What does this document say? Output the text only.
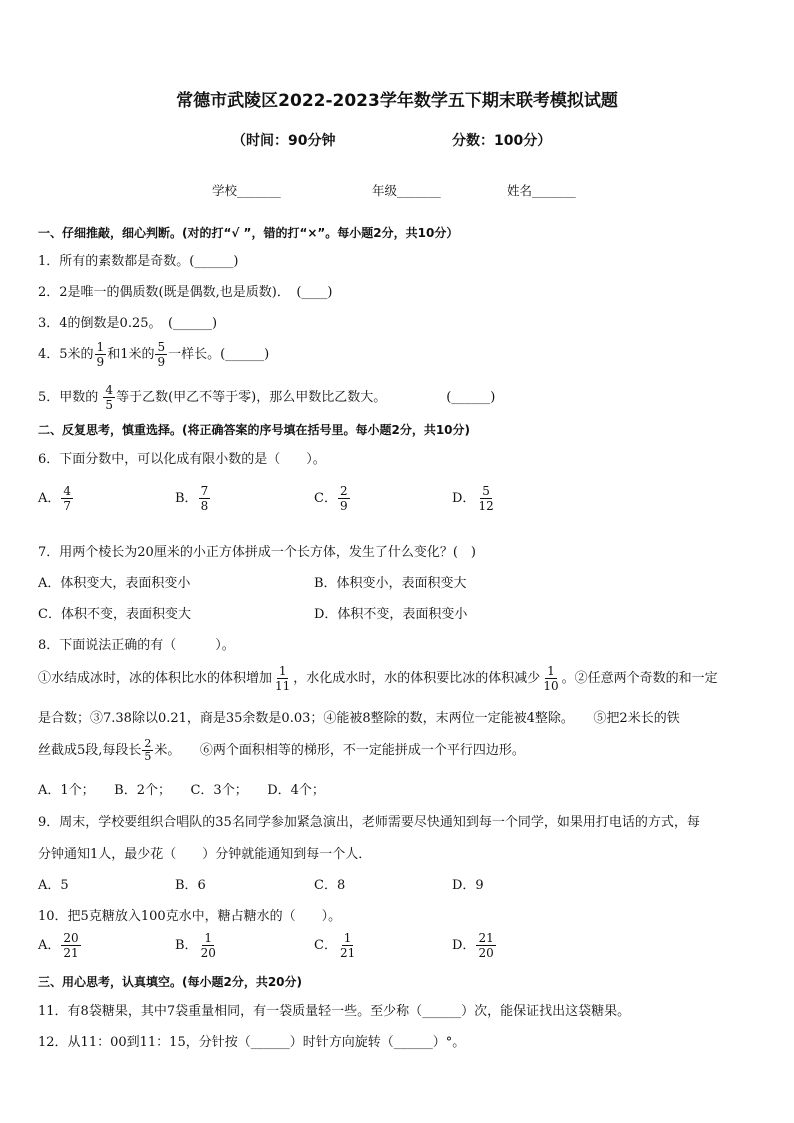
常德市武陵区2022-2023学年数学五下期末联考模拟试题
（时间：90分钟	分数：100分）
学校_______	年级_______	姓名_______
一、仔细推敲，细心判断。(对的打“√ ”，错的打“×”。每小题2分，共10分）
1．所有的素数都是奇数。(______)
2．2是唯一的偶质数(既是偶数,也是质数)．　(____)
3．4的倒数是0.25。　(______)
4．5米的 $\frac{1}{9}$ 和1米的 $\frac{5}{9}$ 一样长。(______)
5．甲数的 $\frac{4}{5}$ 等于乙数(甲乙不等于零)，那么甲数比乙数大。	(______)
二、反复思考，慎重选择。(将正确答案的序号填在括号里。每小题2分，共10分)
6．下面分数中，可以化成有限小数的是（　　）。
A． $\frac{4}{7}$	B． $\frac{7}{8}$	C． $\frac{2}{9}$	D． $\frac{5}{12}$
7．用两个棱长为20厘米的小正方体拼成一个长方体，发生了什么变化？(　)
A．体积变大，表面积变小	B．体积变小，表面积变大
C．体积不变，表面积变大	D．体积不变，表面积变小
8．下面说法正确的有（　　　）。
①水结成冰时，冰的体积比水的体积增加 $\frac{1}{11}$ ，水化成水时，水的体积要比冰的体积减少 $\frac{1}{10}$ 。②任意两个奇数的和一定
是合数；③7.38除以0.21，商是35余数是0.03；④能被8整除的数，末两位一定能被4整除。　　⑤把2米长的铁
丝截成5段,每段长 $\frac{2}{5}$ 米。　　⑥两个面积相等的梯形，不一定能拼成一个平行四边形。
A．1个；　　B．2个；　　C．3个；　　D．4个；
9．周末，学校要组织合唱队的35名同学参加紧急演出，老师需要尽快通知到每一个同学，如果用打电话的方式，每
分钟通知1人，最少花（　　）分钟就能通知到每一个人．
A．5	B．6	C．8	D．9
10．把5克糖放入100克水中，糖占糖水的（　　）。
A． $\frac{20}{21}$	B． $\frac{1}{20}$	C． $\frac{1}{21}$	D． $\frac{21}{20}$
三、用心思考，认真填空。(每小题2分，共20分)
11．有8袋糖果，其中7袋重量相同，有一袋质量轻一些。至少称（______）次，能保证找出这袋糖果。
12．从11：00到11：15，分针按（______）时针方向旋转（______）°。
